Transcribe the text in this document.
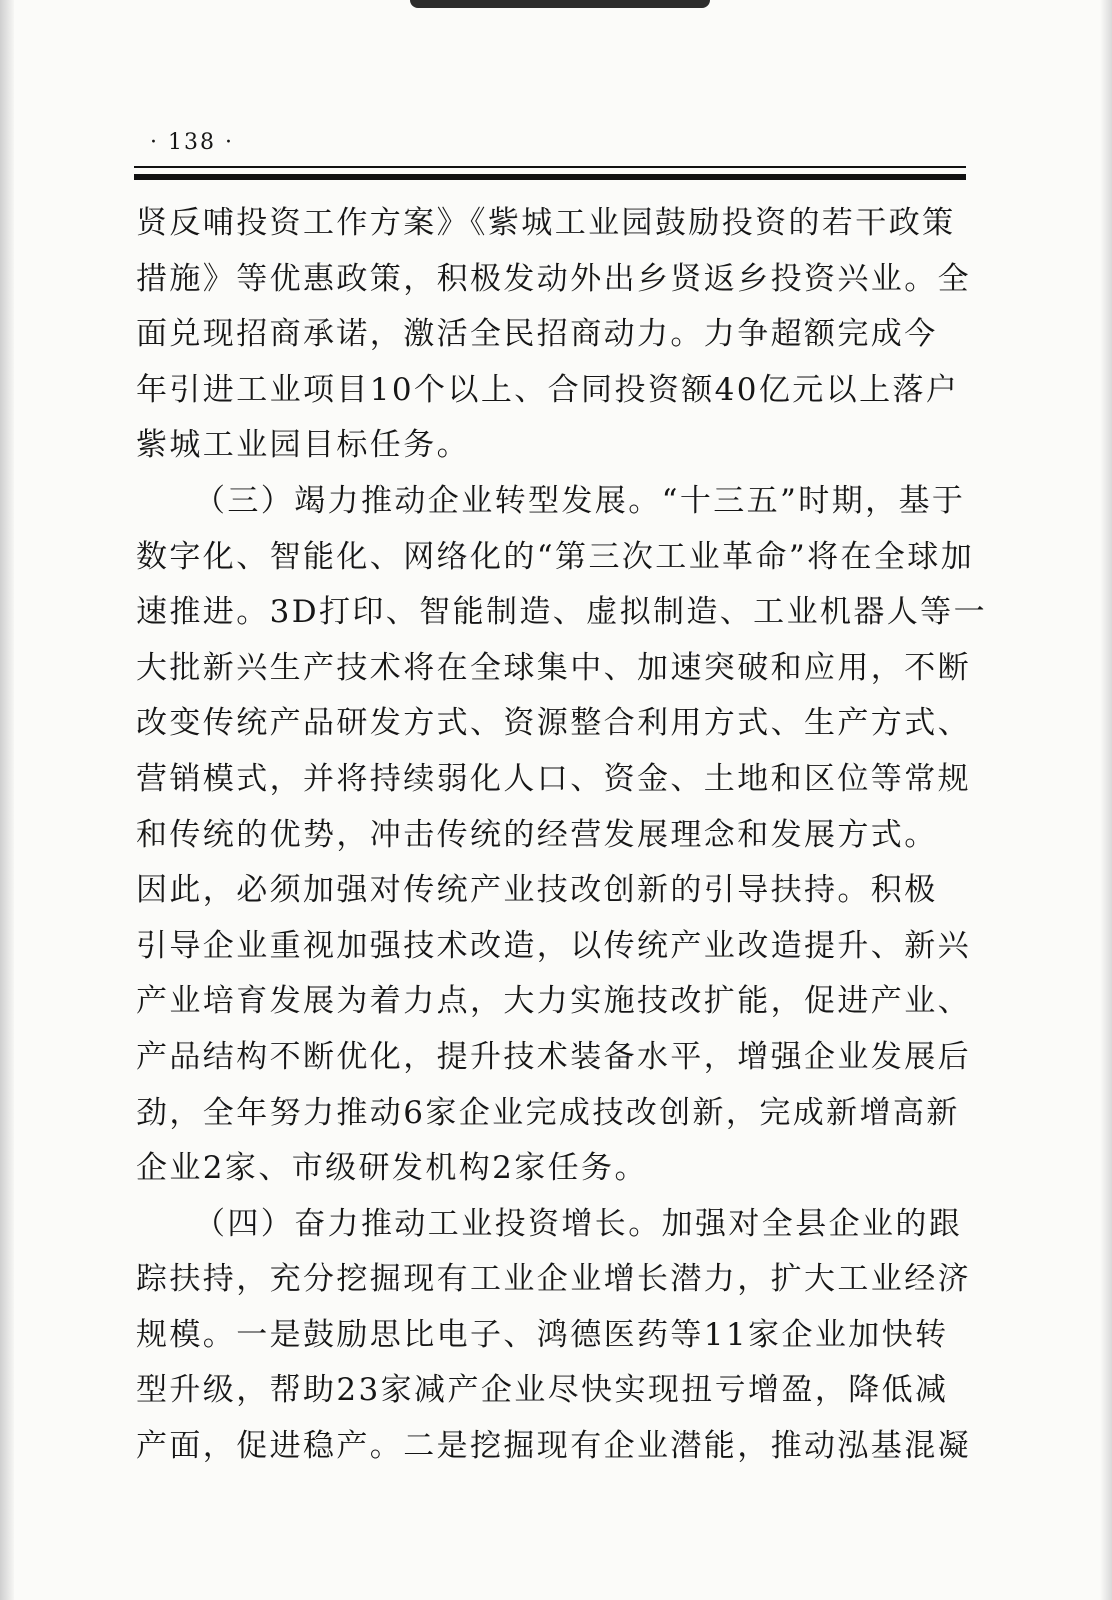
· 138 ·
贤反哺投资工作方案》《紫城工业园鼓励投资的若干政策
措施》等优惠政策，积极发动外出乡贤返乡投资兴业。全
面兑现招商承诺，激活全民招商动力。力争超额完成今
年引进工业项目10个以上、合同投资额40亿元以上落户
紫城工业园目标任务。
（三）竭力推动企业转型发展。“十三五”时期，基于
数字化、智能化、网络化的“第三次工业革命”将在全球加
速推进。3D打印、智能制造、虚拟制造、工业机器人等一
大批新兴生产技术将在全球集中、加速突破和应用，不断
改变传统产品研发方式、资源整合利用方式、生产方式、
营销模式，并将持续弱化人口、资金、土地和区位等常规
和传统的优势，冲击传统的经营发展理念和发展方式。
因此，必须加强对传统产业技改创新的引导扶持。积极
引导企业重视加强技术改造，以传统产业改造提升、新兴
产业培育发展为着力点，大力实施技改扩能，促进产业、
产品结构不断优化，提升技术装备水平，增强企业发展后
劲，全年努力推动6家企业完成技改创新，完成新增高新
企业2家、市级研发机构2家任务。
（四）奋力推动工业投资增长。加强对全县企业的跟
踪扶持，充分挖掘现有工业企业增长潜力，扩大工业经济
规模。一是鼓励思比电子、鸿德医药等11家企业加快转
型升级，帮助23家减产企业尽快实现扭亏增盈，降低减
产面，促进稳产。二是挖掘现有企业潜能，推动泓基混凝
